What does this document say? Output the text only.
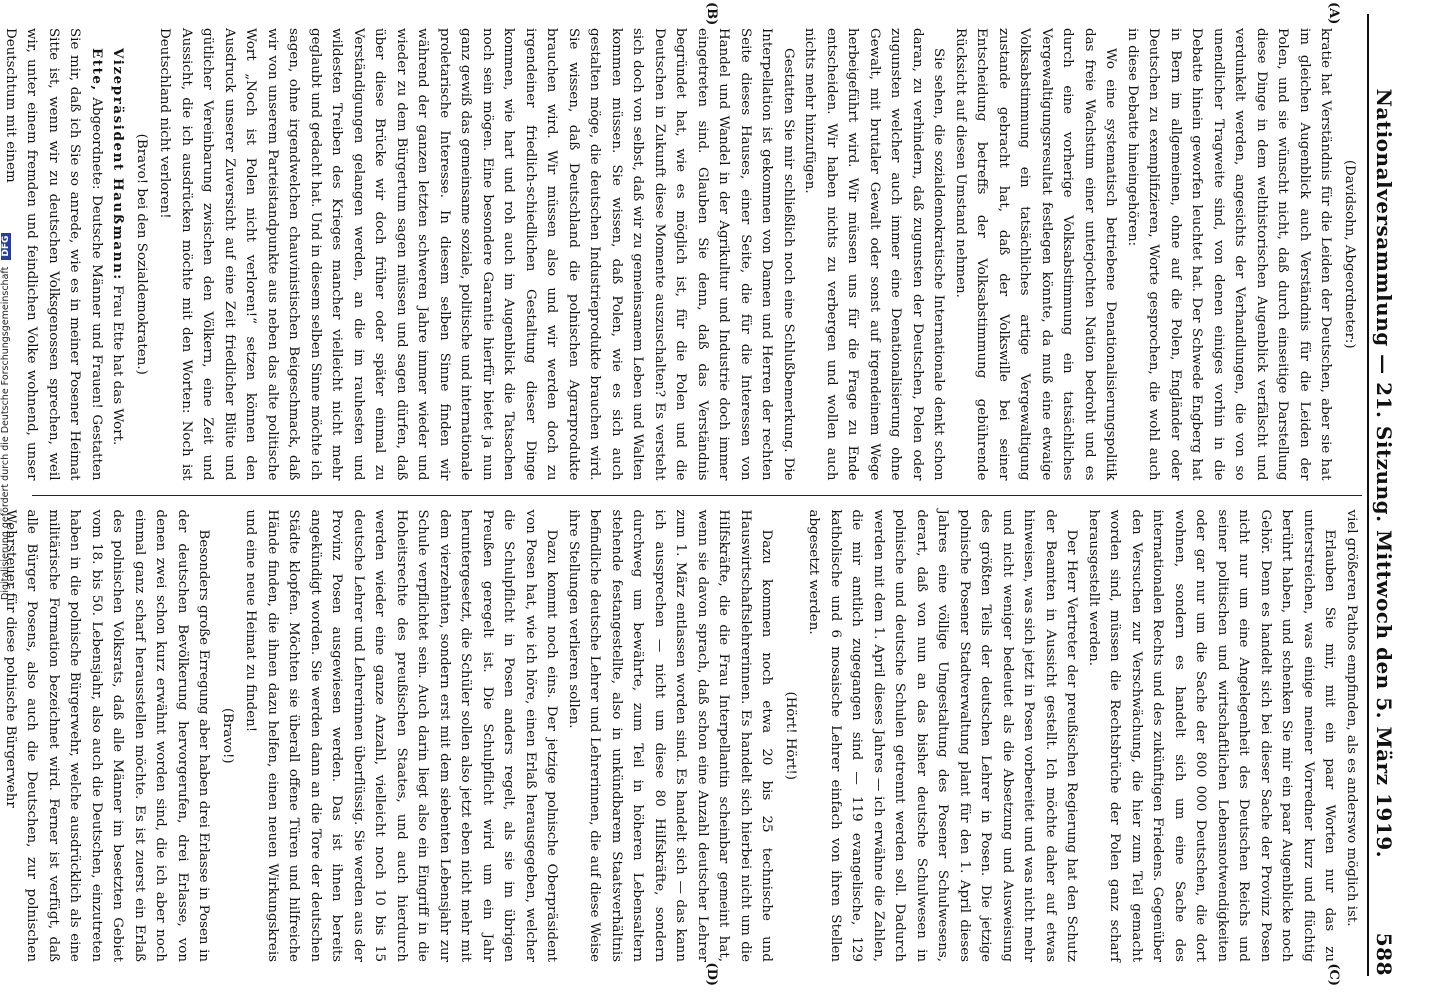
Nationalversammlung — 21. Sitzung. Mittwoch den 5. März 1919.
588
(A)
(B)

(Davidsohn, Abgeordneter:)

kratie hat Verständnis für die Leiden der Deutschen, aber sie hat im gleichen Augenblick auch Verständnis für die Leiden der Polen, und sie wünscht nicht, daß durch einseitige Darstellung diese Dinge in dem welthistorischen Augenblick verfälscht und verdunkelt werden, angesichts der Verhandlungen, die von so unendlicher Tragweite sind, von denen einiges vorhin in die Debatte hinein geworfen leuchtet hat. Der Schwede Engberg hat in Bern im allgemeinen, ohne auf die Polen, Engländer oder Deutschen zu exemplifizieren, Worte gesprochen, die wohl auch in diese Debatte hineingehören:

Wo eine systematisch betriebene Denationalisierungspolitik das freie Wachstum einer unterjochten Nation bedroht und es durch eine vorherige Volksabstimmung ein tatsächliches Vergewaltigungsresultat festlegen könnte, da muß eine etwaige Volksabstimmung ein tatsächliches artige Vergewaltigung zustande gebracht hat, daß der Volkswille bei seiner Entscheidung betreffs der Volksabstimmung gebührende Rücksicht auf diesen Umstand nehmen.

Sie sehen, die sozialdemokratische Internationale denkt schon daran, zu verhindern, daß zugunsten der Deutschen, Polen oder zugunsten welcher auch immer eine Denationalisierung ohne Gewalt, mit brutaler Gewalt oder sonst auf irgendeinem Wege herbeigeführt wird. Wir müssen uns für die Frage zu Ende entscheiden. Wir haben nichts zu verbergen und wollen auch nichts mehr hinzufügen.

Gestatten Sie mir schließlich noch eine Schlußbemerkung. Die Interpellation ist gekommen von Damen und Herren der rechten Seite dieses Hauses, einer Seite, die für die Interessen von Handel und Wandel in der Agrikultur und Industrie doch immer eingetreten sind. Glauben Sie denn, daß das Verständnis begründet hat, wie es möglich ist, für die Polen und die Deutschen in Zukunft diese Momente auszuschalten? Es versteht sich doch von selbst, daß wir zu gemeinsamem Leben und Walten kommen müssen. Sie wissen, daß Polen, wie es sich auch gestalten möge, die deutschen Industrieprodukte brauchen wird. Sie wissen, daß Deutschland die polnischen Agrarprodukte brauchen wird. Wir müssen also und wir werden doch zu irgendeiner friedlich-schiedlichen Gestaltung dieser Dinge kommen, wie hart und roh auch im Augenblick die Tatsachen noch sein mögen. Eine besondere Garantie hierfür bietet ja nun ganz gewiß das gemeinsame soziale, politische und internationale proletarische Interesse. In diesem selben Sinne finden wir während der ganzen letzten schweren Jahre immer wieder und wieder zu dem Bürgertum sagen müssen und sagen dürfen, daß über diese Brücke wir doch früher oder später einmal zu Verständigungen gelangen werden, an die im rauhesten und wildesten Treiben des Krieges mancher vielleicht nicht mehr geglaubt und gedacht hat. Und in diesem selben Sinne möchte ich sagen, ohne irgendwelchen chauvinistischen Beigeschmack, daß wir von unserem Parteistandpunkte aus neben das alte politische Wort „Noch ist Polen nicht verloren!“ setzen können den Ausdruck unserer Zuversicht auf eine Zeit friedlicher Blüte und gütlicher Vereinbarung zwischen den Völkern, eine Zeit und Aussicht, die ich ausdrücken möchte mit den Worten: Noch ist Deutschland nicht verloren!

(Bravo! bei den Sozialdemokraten.)

Vizepräsident Haußmann: Frau Ette hat das Wort.

Ette, Abgeordnete: Deutsche Männer und Frauen! Gestatten Sie mir, daß ich Sie so anrede, wie es in meiner Posener Heimat Sitte ist, wenn wir zu deutschen Volksgenossen sprechen, weil wir, unter einem fremden und feindlichen Volke wohnend, unser Deutschtum mit einem

(C)
(D)

viel größeren Pathos empfinden, als es anderswo möglich ist.

Erlauben Sie mir, mit ein paar Worten nur das zu unterstreichen, was einige meiner Vorredner kurz und flüchtig berührt haben, und schenken Sie mir ein paar Augenblicke noch Gehör. Denn es handelt sich bei dieser Sache der Provinz Posen nicht nur um eine Angelegenheit des Deutschen Reichs und seiner politischen und wirtschaftlichen Lebensnotwendigkeiten oder gar nur um die Sache der 800 000 Deutschen, die dort wohnen, sondern es handelt sich um eine Sache des internationalen Rechts und des zukünftigen Friedens. Gegenüber den Versuchen zur Verschwächung, die hier zum Teil gemacht worden sind, müssen die Rechtsbrüche der Polen ganz scharf herausgestellt werden.

Der Herr Vertreter der preußischen Regierung hat den Schutz der Beamten in Aussicht gestellt. Ich möchte daher auf etwas hinweisen, was sich jetzt in Posen vorbereitet und was nicht mehr und nicht weniger bedeutet als die Absetzung und Ausweisung des größten Teils der deutschen Lehrer in Posen. Die jetzige polnische Posener Stadtverwaltung plant für den 1. April dieses Jahres eine völlige Umgestaltung des Posener Schulwesens, derart, daß von nun an das bisher deutsche Schulwesen in polnische und deutsche Schulen getrennt werden soll. Dadurch werden mit dem 1. April dieses Jahres — ich erwähne die Zahlen, die mir amtlich zugegangen sind — 119 evangelische, 129 katholische und 6 mosaische Lehrer einfach von ihren Stellen abgesetzt werden.

(Hört! Hört!)

Dazu kommen noch etwa 20 bis 25 technische und Hauswirtschaftslehrerinnen. Es handelt sich hierbei nicht um die Hilfskräfte, die die Frau Interpellantin scheinbar gemeint hat, wenn sie davon sprach, daß schon eine Anzahl deutscher Lehrer zum 1. März entlassen worden sind. Es handelt sich — das kann ich aussprechen — nicht um diese 80 Hilfskräfte, sondern durchweg um bewährte, zum Teil in höheren Lebensaltern stehende festangestellte, also in unkündbarem Staatsverhältnis befindliche deutsche Lehrer und Lehrerinnen, die auf diese Weise ihre Stellungen verlieren sollen.

Dazu kommt noch eins. Der jetzige polnische Oberpräsident von Posen hat, wie ich höre, einen Erlaß herausgegeben, welcher die Schulpflicht in Posen anders regelt, als sie im übrigen Preußen geregelt ist. Die Schulpflicht wird um ein Jahr heruntergesetzt, die Schüler sollen also jetzt eben nicht mehr mit dem vierzehnten, sondern erst mit dem siebenten Lebensjahr zur Schule verpflichtet sein. Auch darin liegt also ein Eingriff in die Hoheitsrechte des preußischen Staates, und auch hierdurch werden wieder eine ganze Anzahl, vielleicht noch 10 bis 15 deutsche Lehrer und Lehrerinnen überflüssig. Sie werden aus der Provinz Posen ausgewiesen werden. Das ist ihnen bereits angekündigt worden. Sie werden dann an die Tore der deutschen Städte klopfen. Möchten sie überall offene Türen und hilfreiche Hände finden, die ihnen dazu helfen, einen neuen Wirkungskreis und eine neue Heimat zu finden!

(Bravo!)

Besonders große Erregung aber haben drei Erlasse in Posen in der deutschen Bevölkerung hervorgerufen, drei Erlasse, von denen zwei schon kurz erwähnt worden sind, die ich aber noch einmal ganz scharf herausstellen möchte. Es ist zuerst ein Erlaß des polnischen Volksrats, daß alle Männer im besetzten Gebiet vom 18. bis 50. Lebensjahr, also auch die Deutschen, einzutreten haben in die polnische Bürgerwehr, welche ausdrücklich als eine militärische Formation bezeichnet wird. Ferner ist verfügt, daß alle Bürger Posens, also auch die Deutschen, zur polnischen Wehrsteuer für diese polnische Bürgerwehr

Digitalisierung gefördert durch die Deutsche Forschungsgemeinschaft DFG
